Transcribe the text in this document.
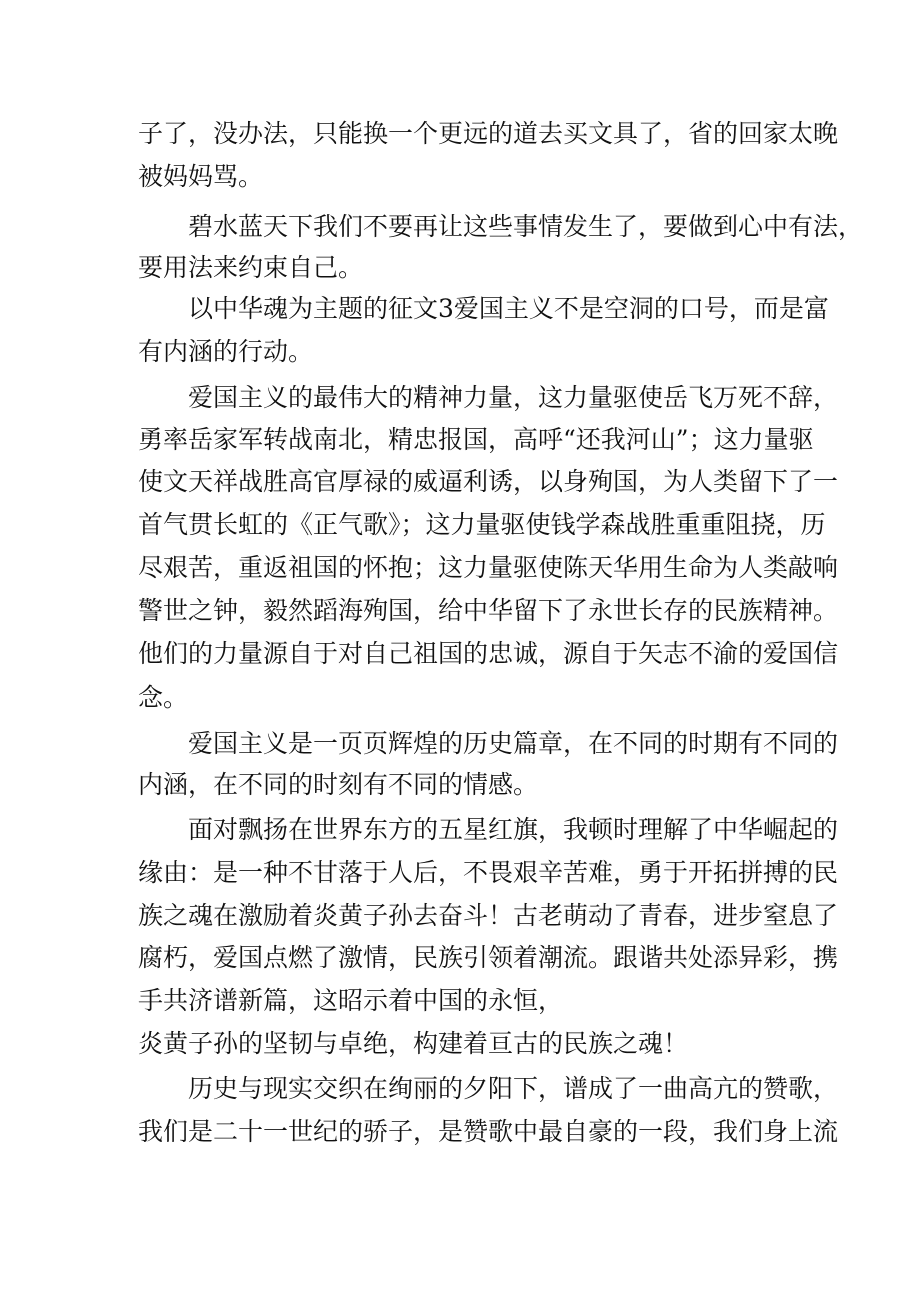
子了，没办法，只能换一个更远的道去买文具了，省的回家太晚
被妈妈骂。
碧水蓝天下我们不要再让这些事情发生了，要做到心中有法，
要用法来约束自己。
以中华魂为主题的征文3爱国主义不是空洞的口号，而是富
有内涵的行动。
爱国主义的最伟大的精神力量，这力量驱使岳飞万死不辞，
勇率岳家军转战南北，精忠报国，高呼“还我河山”；这力量驱
使文天祥战胜高官厚禄的威逼利诱，以身殉国，为人类留下了一
首气贯长虹的《正气歌》；这力量驱使钱学森战胜重重阻挠，历
尽艰苦，重返祖国的怀抱；这力量驱使陈天华用生命为人类敲响
警世之钟，毅然蹈海殉国，给中华留下了永世长存的民族精神。
他们的力量源自于对自己祖国的忠诚，源自于矢志不渝的爱国信
念。
爱国主义是一页页辉煌的历史篇章，在不同的时期有不同的
内涵，在不同的时刻有不同的情感。
面对飘扬在世界东方的五星红旗，我顿时理解了中华崛起的
缘由：是一种不甘落于人后，不畏艰辛苦难，勇于开拓拼搏的民
族之魂在激励着炎黄子孙去奋斗！古老萌动了青春，进步窒息了
腐朽，爱国点燃了激情，民族引领着潮流。跟谐共处添异彩，携
手共济谱新篇，这昭示着中国的永恒，
炎黄子孙的坚韧与卓绝，构建着亘古的民族之魂！
历史与现实交织在绚丽的夕阳下，谱成了一曲高亢的赞歌，
我们是二十一世纪的骄子，是赞歌中最自豪的一段，我们身上流
